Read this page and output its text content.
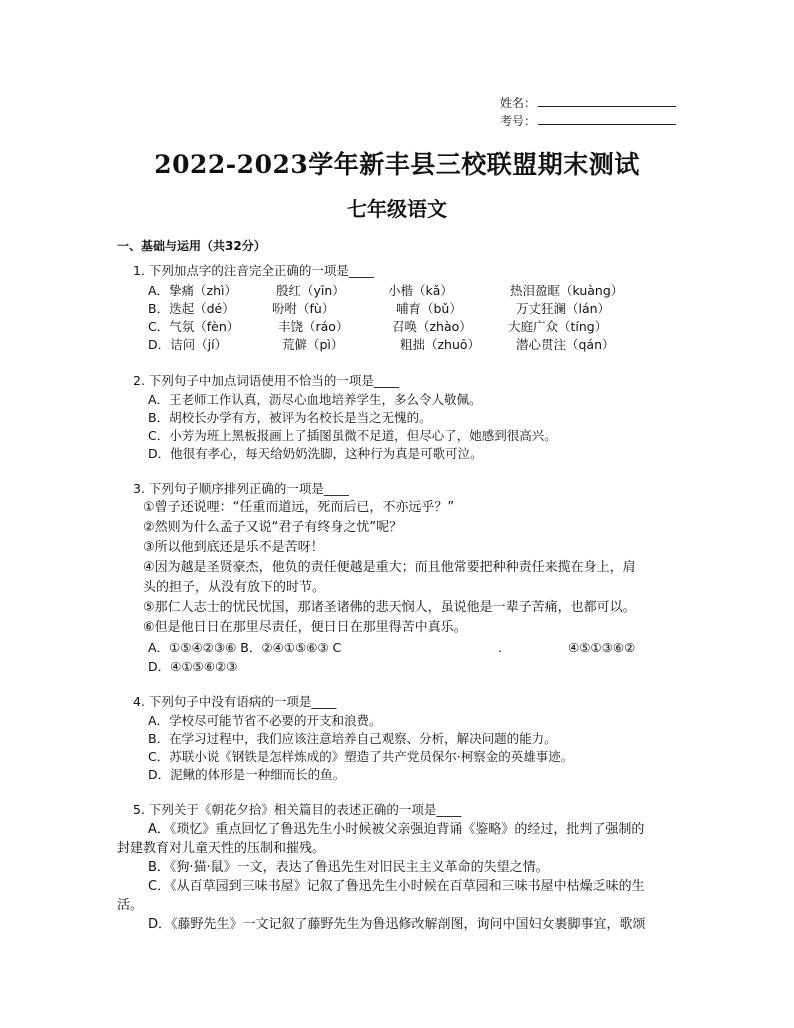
姓名：
考号：
2022-2023学年新丰县三校联盟期末测试
七年级语文
一、基础与运用（共32分）
1. 下列加点字的注音完全正确的一项是____
A．挚痛（zhì）	殷红（yīn）	小楷（kǎ）	热泪盈眶（kuàng）
B．迭起（dé）	吩咐（fù）	哺育（bǔ）	万丈狂澜（lán）
C．气氛（fèn）	丰饶（ráo）	召唤（zhào）	大庭广众（tíng）
D．诘问（jí）	荒僻（pì）	粗拙（zhuō）	潜心贯注（qán）
2. 下列句子中加点词语使用不恰当的一项是____
A．王老师工作认真，沥尽心血地培养学生，多么令人敬佩。
B．胡校长办学有方，被评为名校长是当之无愧的。
C．小芳为班上黑板报画上了插图虽微不足道，但尽心了，她感到很高兴。
D．他很有孝心，每天给奶奶洗脚，这种行为真是可歌可泣。
3. 下列句子顺序排列正确的一项是____
①曾子还说哩：“任重而道远，死而后已，不亦远乎？”
②然则为什么孟子又说“君子有终身之忧”呢？
③所以他到底还是乐不是苦呀！
④因为越是圣贤豪杰，他负的责任便越是重大；而且他常要把种种责任来揽在身上，肩
头的担子，从没有放下的时节。
⑤那仁人志士的忧民忧国，那诸圣诸佛的悲天悯人，虽说他是一辈子苦痛，也都可以。
⑥但是他日日在那里尽责任，便日日在那里得苦中真乐。
A．①⑤④②③⑥ B．②④①⑤⑥③ C	.	④⑤①③⑥②
D．④①⑤⑥②③
4. 下列句子中没有语病的一项是____
A．学校尽可能节省不必要的开支和浪费。
B．在学习过程中，我们应该注意培养自己观察、分析，解决问题的能力。
C．苏联小说《钢铁是怎样炼成的》塑造了共产党员保尔·柯察金的英雄事迹。
D．泥鳅的体形是一种细而长的鱼。
5. 下列关于《朝花夕拾》相关篇目的表述正确的一项是____
A．《琐忆》重点回忆了鲁迅先生小时候被父亲强迫背诵《鉴略》的经过，批判了强制的
封建教育对儿童天性的压制和摧残。
B．《狗·猫·鼠》一文，表达了鲁迅先生对旧民主主义革命的失望之情。
C．《从百草园到三味书屋》记叙了鲁迅先生小时候在百草园和三味书屋中枯燥乏味的生
活。
D．《藤野先生》一文记叙了藤野先生为鲁迅修改解剖图，询问中国妇女裹脚事宜，歌颂
